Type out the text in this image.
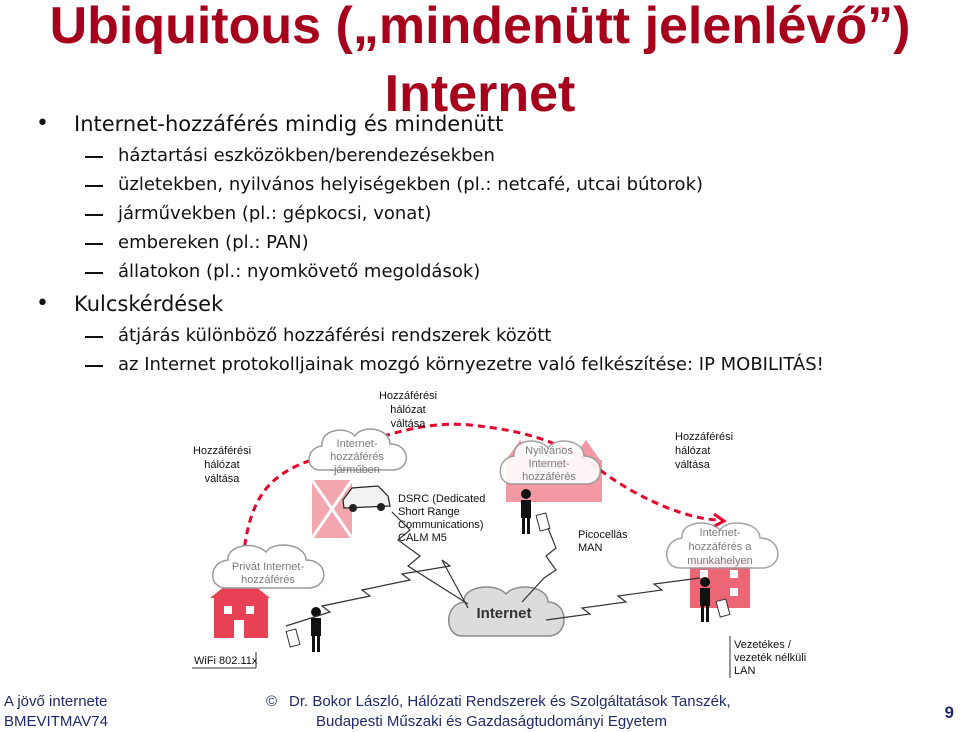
Ubiquitous („mindenütt jelenlévő”)
Internet
• Internet-hozzáférés mindig és mindenütt
háztartási eszközökben/berendezésekben
üzletekben, nyilvános helyiségekben (pl.: netcafé, utcai bútorok)
járművekben (pl.: gépkocsi, vonat)
embereken (pl.: PAN)
állatokon (pl.: nyomkövető megoldások)
• Kulcskérdések
átjárás különböző hozzáférési rendszerek között
az Internet protokolljainak mozgó környezetre való felkészítése: IP MOBILITÁS!
Internet-
hozzáférés
járműben
Nyilvános
Internet-
hozzáférés
Privát Internet-
hozzáférés
Internet-
hozzáférés a
munkahelyen
Internet
Hozzáférési
hálózat
váltása
Hozzáférési
hálózat
váltása
Hozzáférési
hálózat
váltása
DSRC (Dedicated
Short Range
Communications)
CALM M5	Picocellás
MAN
WiFi 802.11x
Vezetékes /
vezeték nélküli
LAN
A jövő internete
BMEVITMAV74
© Dr. Bokor László, Hálózati Rendszerek és Szolgáltatások Tanszék,
Budapesti Műszaki és Gazdaságtudományi Egyetem	9
